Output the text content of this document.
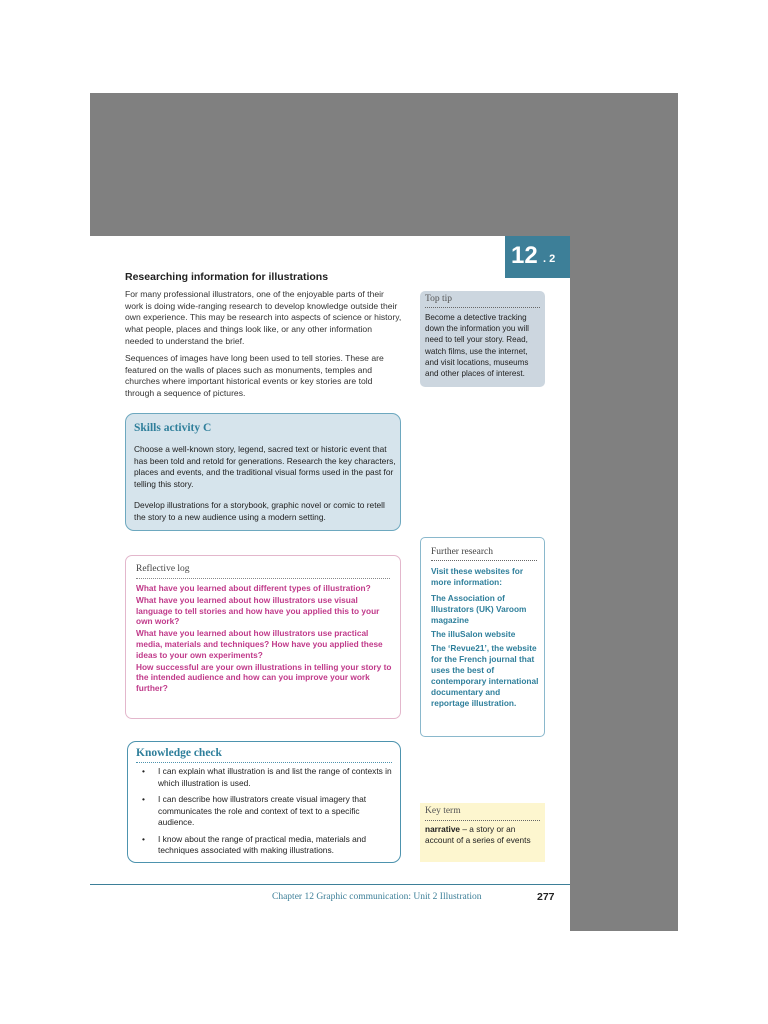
12 . 2
Researching information for illustrations

For many professional illustrators, one of the enjoyable parts of their work is doing wide-ranging research to develop knowledge outside their own experience. This may be research into aspects of science or history, what people, places and things look like, or any other information needed to understand the brief.

Sequences of images have long been used to tell stories. These are featured on the walls of places such as monuments, temples and churches where important historical events or key stories are told through a sequence of pictures.

Skills activity C

Choose a well-known story, legend, sacred text or historic event that has been told and retold for generations. Research the key characters, places and events, and the traditional visual forms used in the past for telling this story.

Develop illustrations for a storybook, graphic novel or comic to retell the story to a new audience using a modern setting.

Reflective log
What have you learned about different types of illustration?
What have you learned about how illustrators use visual language to tell stories and how have you applied this to your own work?
What have you learned about how illustrators use practical media, materials and techniques? How have you applied these ideas to your own experiments?
How successful are your own illustrations in telling your story to the intended audience and how can you improve your work further?
Knowledge check
• I can explain what illustration is and list the range of contexts in which illustration is used.
• I can describe how illustrators create visual imagery that communicates the role and context of text to a specific audience.
• I know about the range of practical media, materials and techniques associated with making illustrations.
Top tip

Become a detective tracking down the information you will need to tell your story. Read, watch films, use the internet, and visit locations, museums and other places of interest.

Further research

Visit these websites for more information:

The Association of Illustrators (UK) Varoom magazine
The illuSalon website
The ‘Revue21’, the website for the French journal that uses the best of contemporary international documentary and reportage illustration.
Key term

narrative – a story or an account of a series of events

Chapter 12 Graphic communication: Unit 2 Illustration	277
